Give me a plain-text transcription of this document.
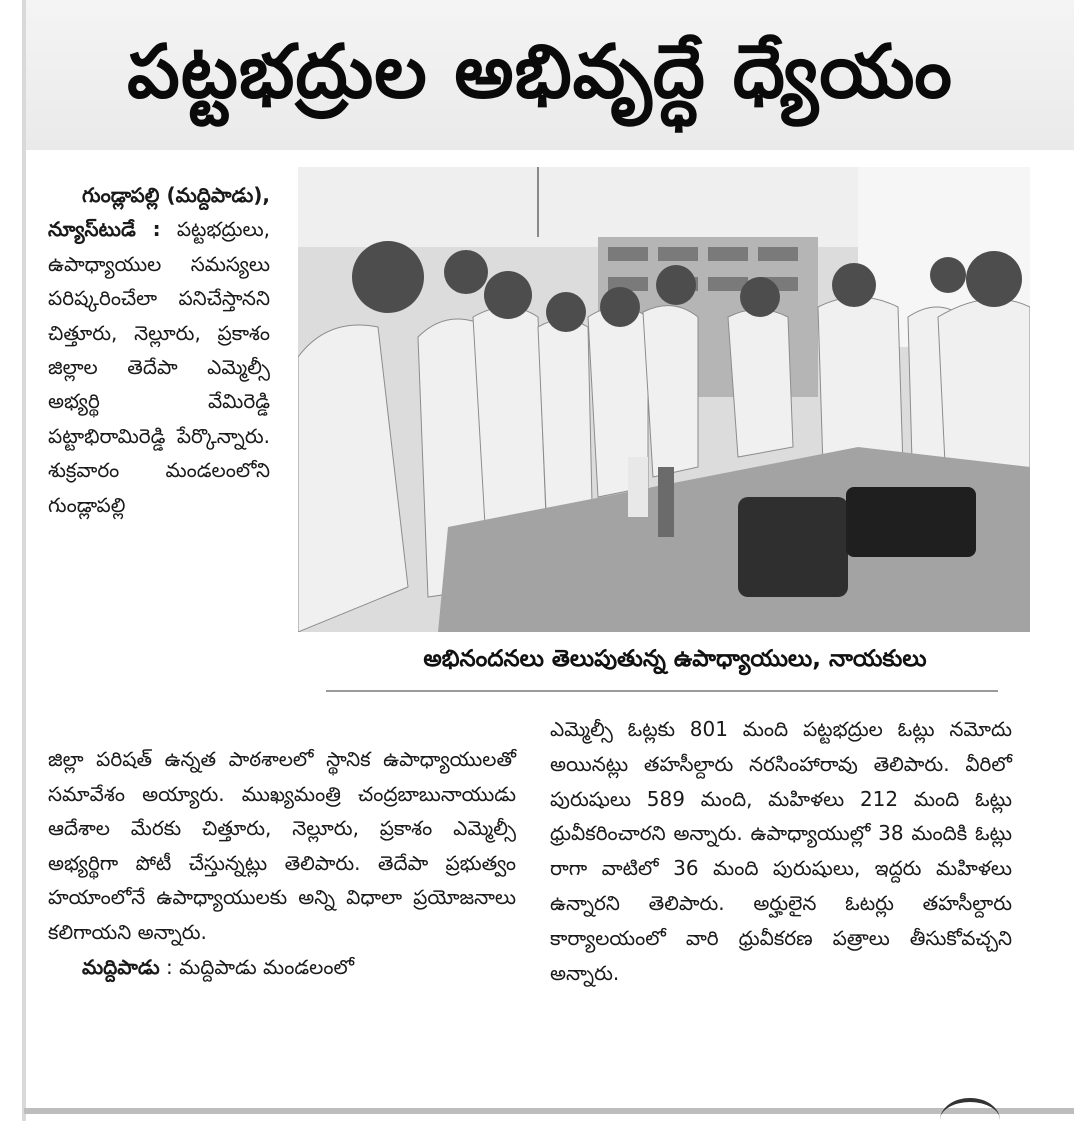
పట్టభద్రుల అభివృద్ధే ధ్యేయం
అభినందనలు తెలుపుతున్న ఉపాధ్యాయులు, నాయకులు

గుండ్లాపల్లి (మద్దిపాడు), న్యూస్‌టుడే : పట్టభద్రులు, ఉపాధ్యాయుల సమస్యలు పరిష్కరించేలా పనిచేస్తానని చిత్తూరు, నెల్లూరు, ప్రకాశం జిల్లాల తెదేపా ఎమ్మెల్సీ అభ్యర్థి వేమిరెడ్డి పట్టాభిరామిరెడ్డి పేర్కొన్నారు. శుక్రవారం మండలంలోని గుండ్లాపల్లి

జిల్లా పరిషత్‌ ఉన్నత పాఠశాలలో స్థానిక ఉపాధ్యాయులతో సమావేశం అయ్యారు. ముఖ్యమంత్రి చంద్రబాబునాయుడు ఆదేశాల మేరకు చిత్తూరు, నెల్లూరు, ప్రకాశం ఎమ్మెల్సీ అభ్యర్థిగా పోటీ చేస్తున్నట్లు తెలిపారు. తెదేపా ప్రభుత్వం హయాంలోనే ఉపాధ్యాయులకు అన్ని విధాలా ప్రయోజనాలు కలిగాయని అన్నారు.

మద్దిపాడు : మద్దిపాడు మండలంలో

ఎమ్మెల్సీ ఓట్లకు 801 మంది పట్టభద్రుల ఓట్లు నమోదు అయినట్లు తహసీల్దారు నరసింహారావు తెలిపారు. వీరిలో పురుషులు 589 మంది, మహిళలు 212 మంది ఓట్లు ధ్రువీకరించారని అన్నారు. ఉపాధ్యాయుల్లో 38 మందికి ఓట్లు రాగా వాటిలో 36 మంది పురుషులు, ఇద్దరు మహిళలు ఉన్నారని తెలిపారు. అర్హులైన ఓటర్లు తహసీల్దారు కార్యాలయంలో వారి ధ్రువీకరణ పత్రాలు తీసుకోవచ్చని అన్నారు.
